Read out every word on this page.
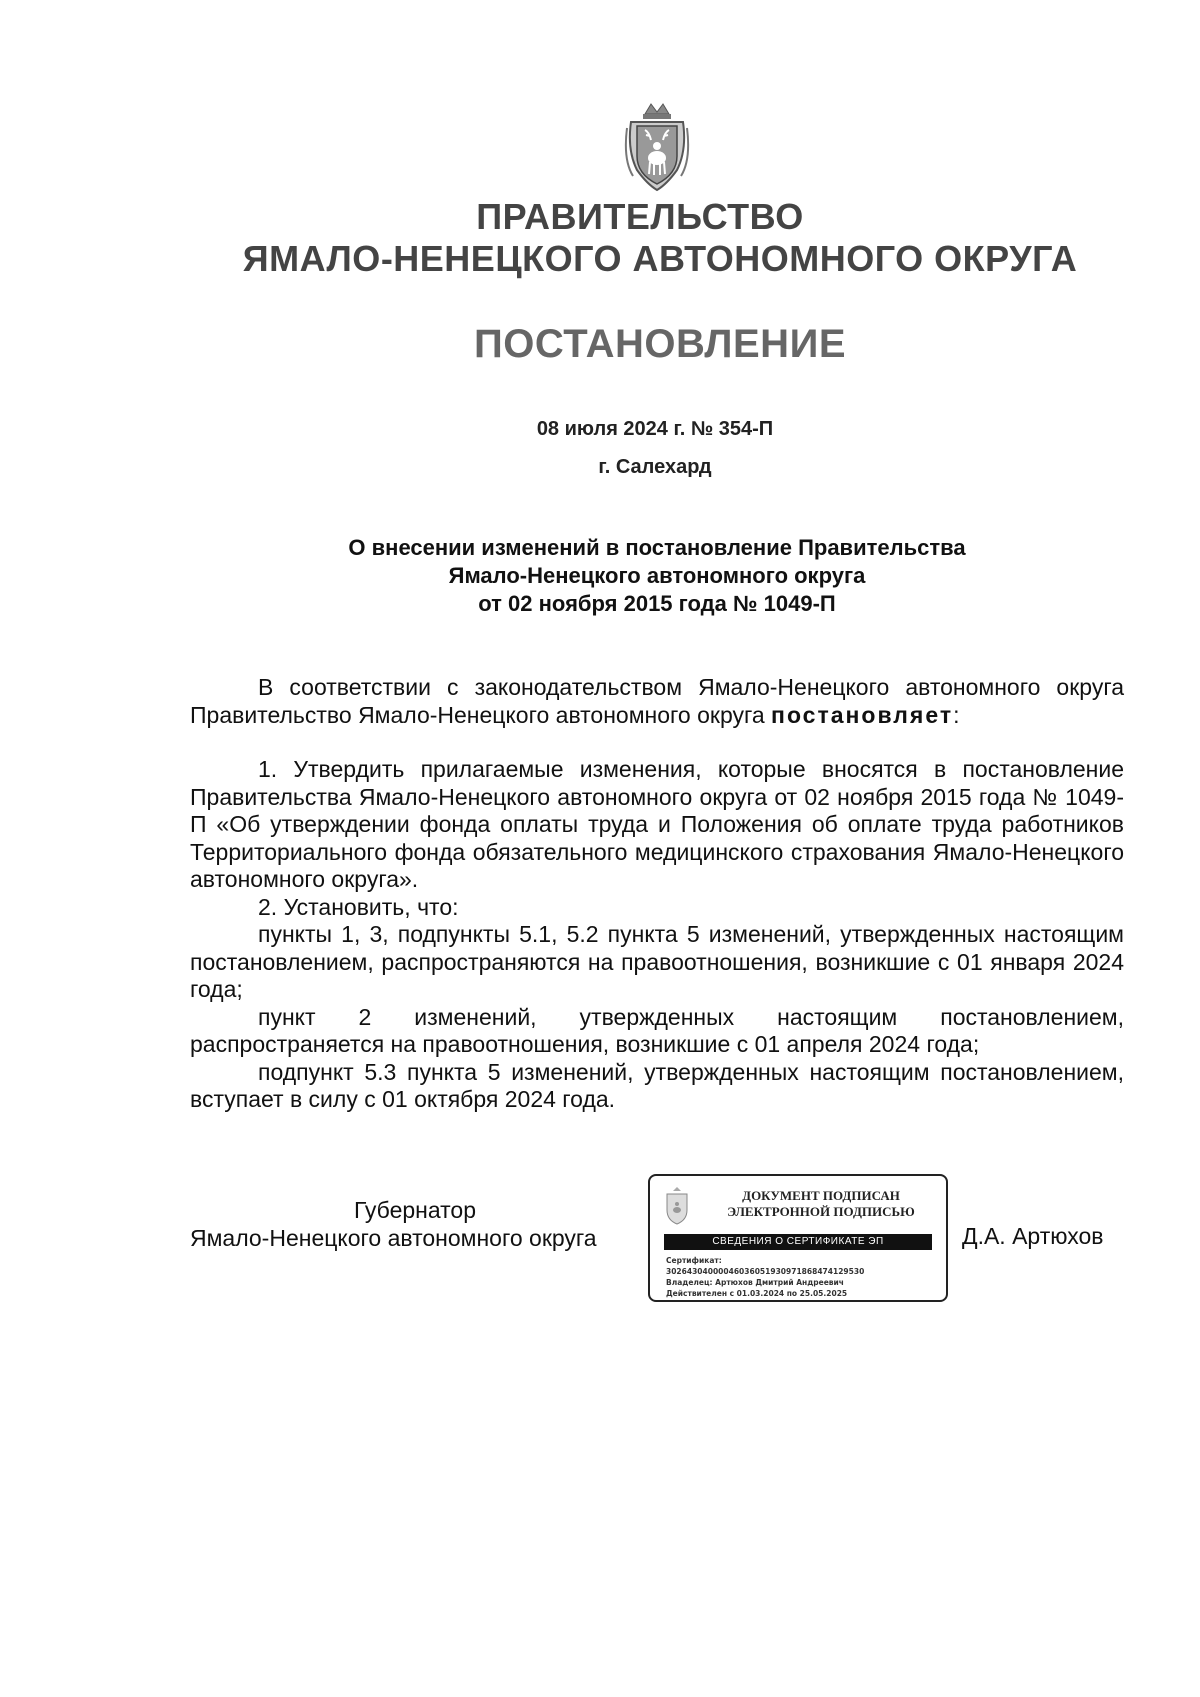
ПРАВИТЕЛЬСТВО
ЯМАЛО-НЕНЕЦКОГО АВТОНОМНОГО ОКРУГА
ПОСТАНОВЛЕНИЕ
08 июля 2024 г. № 354-П
г. Салехард
О внесении изменений в постановление Правительства
Ямало-Ненецкого автономного округа
от 02 ноября 2015 года № 1049-П

В соответствии с законодательством Ямало-Ненецкого автономного округа Правительство Ямало-Ненецкого автономного округа постановляет:

1. Утвердить прилагаемые изменения, которые вносятся в постановление Правительства Ямало-Ненецкого автономного округа от 02 ноября 2015 года № 1049-П «Об утверждении фонда оплаты труда и Положения об оплате труда работников Территориального фонда обязательного медицинского страхования Ямало-Ненецкого автономного округа».

2. Установить, что:

пункты 1, 3, подпункты 5.1, 5.2 пункта 5 изменений, утвержденных настоящим постановлением, распространяются на правоотношения, возникшие с 01 января 2024 года;

пункт 2 изменений, утвержденных настоящим постановлением, распространяется на правоотношения, возникшие с 01 апреля 2024 года;

подпункт 5.3 пункта 5 изменений, утвержденных настоящим постановлением, вступает в силу с 01 октября 2024 года.

Губернатор
Ямало-Ненецкого автономного округа
ДОКУМЕНТ ПОДПИСАН
ЭЛЕКТРОННОЙ ПОДПИСЬЮ
СВЕДЕНИЯ О СЕРТИФИКАТЕ ЭП
Сертификат:
30264304000046036051930971868474129530
Владелец: Артюхов Дмитрий Андреевич
Действителен с 01.03.2024 по 25.05.2025
Д.А. Артюхов
